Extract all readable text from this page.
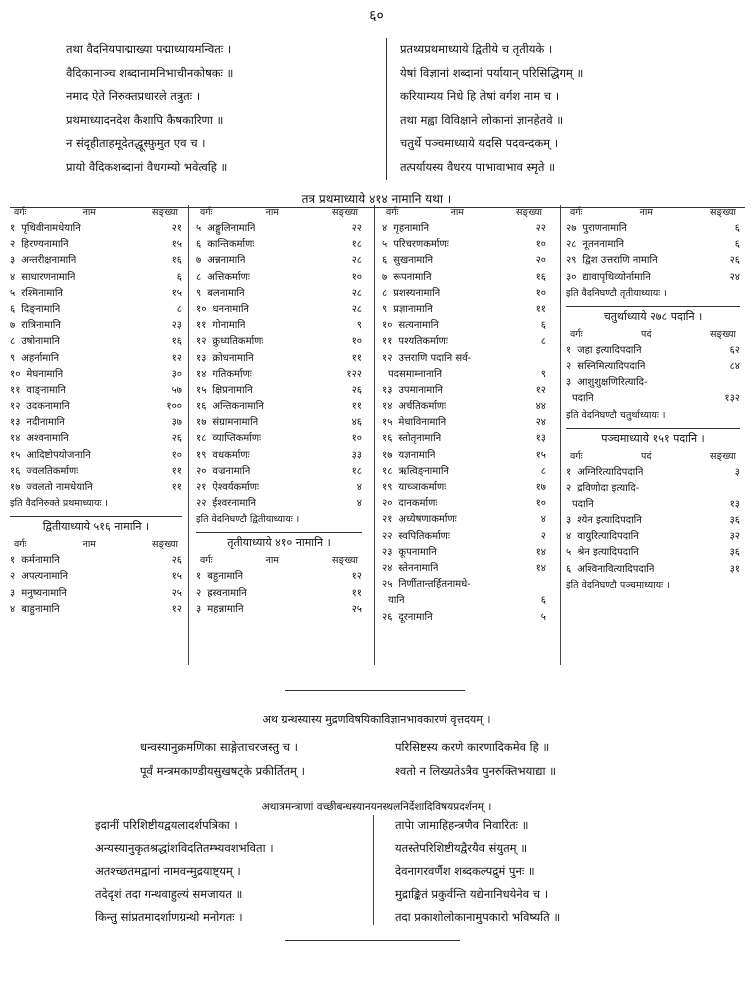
६०
तथा वैदनियपाद्माख्या पद्माध्यायमन्वितः ।
वैदिकानाञ्च शब्दानामनिभाचीनकोषकः ॥
नमाद ऐते निरुक्तप्रधारले तत्रुतः ।
प्रथमाध्यादनदेश कैशापि कैषकारिणा ॥
न संदृहीताहमूदेतद्धूस्फ़ुमुत एव च ।
प्रायो वैदिकशब्दानां वैधगम्यो भवेत्वहि ॥
प्रतथ्यप्रथमाध्याये द्वितीये च तृतीयके ।
येषां विज्ञानां शब्दानां पर्यायान् परिसिद्धिगम् ॥
करियाम्यय निधे हि तेषां वर्गश नाम च ।
तथा मह्वा विविक्षाने लोकानां ज्ञानहेतवे ॥
चतुर्थे पञ्चमाध्याये यदसि पदवन्दकम् ।
तत्पर्यायस्य वैधरय पाभावाभाव स्मृते ॥
तत्र प्रथमाध्याये ४१४ नामानि यथा ।
वर्गः	नाम	सङ्ख्या
१ पृथिवीनामधेयानि	२१
२ हिरण्यनामानि	१५
३ अन्तरीक्षनामानि	१६
४ साधारणनामानि	६
५ रश्मिनामानि	१५
६ दिङ्नामानि	८
७ रात्रिनामानि	२३
८ उषोनामानि	१६
९ अहर्नामानि	१२
१० मेघनामानि	३०
११ वाङ्नामानि	५७
१२ उदकनामानि	१००
१३ नदीनामानि	३७
१४ अश्वनामानि	२६
१५ आदिष्टोपयोजनानि	१०
१६ ज्वलतिकर्माणः	११
१७ ज्वलतो नामधेयानि	११
इति वैदनिरुक्ते प्रथमाध्यायः ।
द्वितीयाध्याये ५१६ नामानि ।
वर्गः	नाम	सङ्ख्या
१ कर्मनामानि	२६
२ अपत्यनामानि	१५
३ मनुष्यनामानि	२५
४ बाहुनामानि	१२
वर्गः	नाम	सङ्ख्या
५ अङ्गुलिनामानि	२२
६ कान्तिकर्माणः	१८
७ अन्ननामानि	२८
८ अत्तिकर्माणः	१०
९ बलनामानि	२८
१० धननामानि	२८
११ गोनामानि	९
१२ क्रुध्यतिकर्माणः	१०
१३ क्रोधनामानि	११
१४ गतिकर्माणः	१२२
१५ क्षिप्रनामानि	२६
१६ अन्तिकनामानि	११
१७ संग्रामनामानि	४६
१८ व्याप्तिकर्माणः	१०
१९ वधकर्माणः	३३
२० वज्रनामानि	१८
२१ ऐश्वर्यकर्माणः	४
२२ ईश्वरनामानि	४
इति वेदनिघण्टौ द्वितीयाध्यायः ।
तृतीयाध्याये ४१० नामानि ।
वर्गः	नाम	सङ्ख्या
१ बहुनामानि	१२
२ ह्रस्वनामानि	११
३ महन्नामानि	२५
वर्गः	नाम	सङ्ख्या
४ गृहनामानि	२२
५ परिचरणकर्माणः	१०
६ सुखनामानि	२०
७ रूपनामानि	१६
८ प्रशस्यनामानि	१०
९ प्रज्ञानामानि	११
१० सत्यनामानि	६
११ पश्यतिकर्माणः	८
१२ उत्तराणि पदानि सर्व-
पदसमाम्नानानि	९
१३ उपमानामानि	१२
१४ अर्चतिकर्माणः	४४
१५ मेधाविनामानि	२४
१६ स्तोतृनामानि	१३
१७ यज्ञनामानि	१५
१८ ऋत्विङ्नामानि	८
१९ याच्ञाकर्माणः	१७
२० दानकर्माणः	१०
२१ अध्येषणाकर्माणः	४
२२ स्वपितिकर्माणः	२
२३ कूपनामानि	१४
२४ स्तेननामानि	१४
२५ निर्णीतान्तर्हितनामधे-
यानि	६
२६ दूरनामानि	५
वर्गः	नाम	सङ्ख्या
२७ पुराणनामानि	६
२८ नूतननामानि	६
२९ द्विश उत्तराणि नामानि	२६
३० द्यावापृथिव्योर्नामानि	२४
इति वैदनिघण्टौ तृतीयाध्यायः ।
चतुर्थाध्याये २७८ पदानि ।
वर्गः	पदं	सङ्ख्या
१ जहा इत्यादिपदानि	६२
२ सस्निमित्यादिपदानि	८४
३ आशुशुक्षणिरित्यादि-
पदानि	१३२
इति वेदनिघण्टौ चतुर्थाध्यायः ।
पञ्चमाध्याये १५१ पदानि ।
वर्गः	पदं	सङ्ख्या
१ अग्निरित्यादिपदानि	३
२ द्रविणोदा इत्यादि-
पदानि	१३
३ श्येन इत्यादिपदानि	३६
४ वायुरित्यादिपदानि	३२
५ श्रेन इत्यादिपदानि	३६
६ अश्विनावित्यादिपदानि	३१
इति वेदनिघण्टौ पञ्चमाध्यायः ।
अथ ग्रन्थस्यास्य मुद्रणविषयिकाविज्ञानभावकारणं वृत्तदयम् ।
धन्वस्यानुक्रमणिका साङ्गेताचरजस्तु च ।	परिसिष्टस्य करणे कारणादिकमेव हि ॥
पूर्वं मन्त्रमकाण्डीयसुखषट्के प्रकीर्तितम् ।	श्वतो न लिख्यतेऽत्रैव पुनरुक्तिभयाद्या ॥
अथात्रमन्त्राणां वच्छीबन्धस्यानयनस्थलनिर्देशादिविषयप्रदर्शनम् ।
इदानीं परिशिष्टीयद्वयलादर्शपत्रिका ।	तापेा जामाहिहन्त्रणैव निवारितः ॥
अन्यस्यानुकृतश्रद्धांशविदतितम्भ्यवशभविता ।	यतस्तेपरिशिष्टीयद्वैरयैव संयुतम् ॥
अतश्च्छतमद्वानां नामवन्मुद्रयाष्ट्यम् ।	देवनागरवर्णैश शब्दकल्पद्रुमं पुनः ॥
तदेदृशं तदा गन्थवाहुल्यं समजायत ॥	मुद्राङ्कितं प्रकुर्वन्ति यद्येनानिधयेनेव च ।
किन्तु सांप्रतमादर्शाणग्रन्थो मनोगतः ।	तदा प्रकाशोलोकानामुपकारो भविष्यति ॥
